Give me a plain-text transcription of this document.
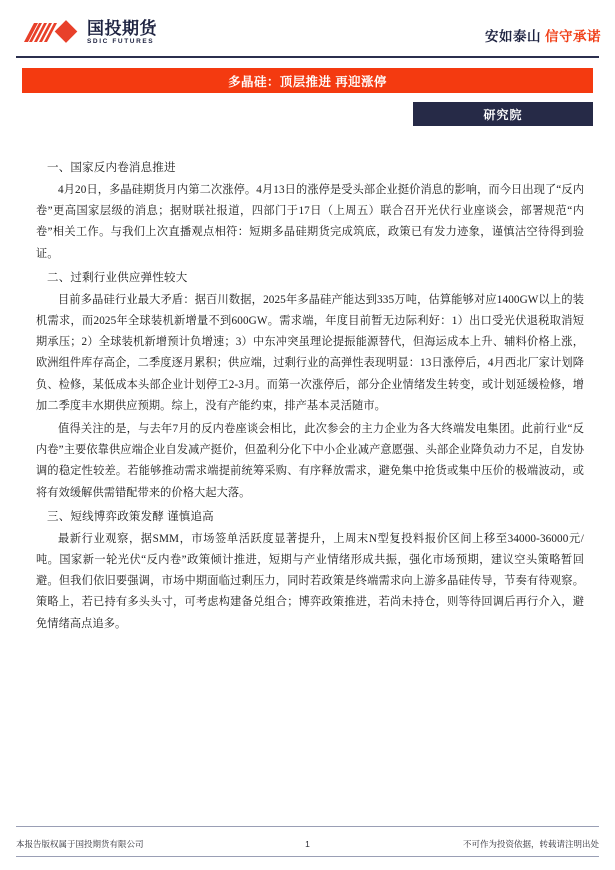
国投期货
SDIC FUTURES	安如泰山 信守承诺
多晶硅：顶层推进 再迎涨停
研究院

一、国家反内卷消息推进

4月20日，多晶硅期货月内第二次涨停。4月13日的涨停是受头部企业挺价消息的影响，而今日出现了“反内卷”更高国家层级的消息；据财联社报道，四部门于17日（上周五）联合召开光伏行业座谈会，部署规范“内卷”相关工作。与我们上次直播观点相符：短期多晶硅期货完成筑底，政策已有发力迹象，谨慎沽空待得到验证。

二、过剩行业供应弹性较大

目前多晶硅行业最大矛盾：据百川数据，2025年多晶硅产能达到335万吨，估算能够对应1400GW以上的装机需求，而2025年全球装机新增量不到600GW。需求端，年度目前暂无边际利好：1）出口受光伏退税取消短期承压；2）全球装机新增预计负增速；3）中东冲突虽理论提振能源替代，但海运成本上升、辅料价格上涨，欧洲组件库存高企，二季度逐月累积；供应端，过剩行业的高弹性表现明显：13日涨停后，4月西北厂家计划降负、检修，某低成本头部企业计划停工2-3月。而第一次涨停后，部分企业情绪发生转变，或计划延缓检修，增加二季度丰水期供应预期。综上，没有产能约束，排产基本灵活随市。

值得关注的是，与去年7月的反内卷座谈会相比，此次参会的主力企业为各大终端发电集团。此前行业“反内卷”主要依靠供应端企业自发减产挺价，但盈利分化下中小企业减产意愿强、头部企业降负动力不足，自发协调的稳定性较差。若能够推动需求端提前统筹采购、有序释放需求，避免集中抢货或集中压价的极端波动，或将有效缓解供需错配带来的价格大起大落。

三、短线博弈政策发酵 谨慎追高

最新行业观察，据SMM，市场签单活跃度显著提升，上周末N型复投料报价区间上移至34000-36000元/吨。国家新一轮光伏“反内卷”政策倾计推进，短期与产业情绪形成共振，强化市场预期，建议空头策略暂回避。但我们依旧要强调，市场中期面临过剩压力，同时若政策是终端需求向上游多晶硅传导，节奏有待观察。策略上，若已持有多头头寸，可考虑构建备兑组合；博弈政策推进，若尚未持仓，则等待回调后再行介入，避免情绪高点追多。

本报告版权属于国投期货有限公司	1	不可作为投资依据，转载请注明出处
